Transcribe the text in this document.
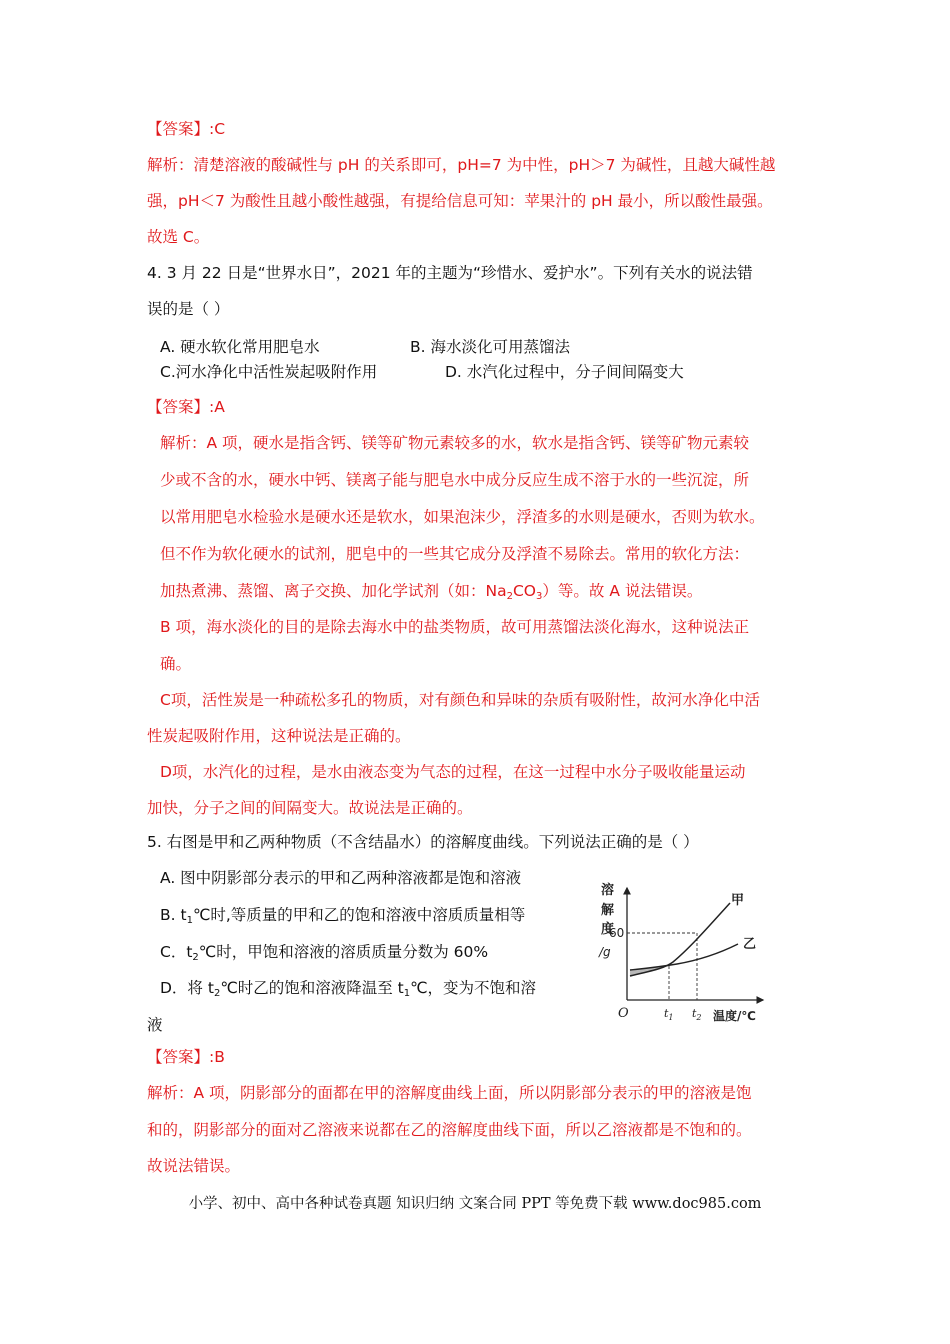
【答案】:C
解析：清楚溶液的酸碱性与 pH 的关系即可，pH=7 为中性，pH＞7 为碱性，且越大碱性越
强，pH＜7 为酸性且越小酸性越强，有提给信息可知：苹果汁的 pH 最小，所以酸性最强。
故选 C。
4. 3 月 22 日是“世界水日”，2021 年的主题为“珍惜水、爱护水”。下列有关水的说法错
误的是（ ）
A. 硬水软化常用肥皂水	B. 海水淡化可用蒸馏法
C.河水净化中活性炭起吸附作用	D. 水汽化过程中，分子间间隔变大
【答案】:A
解析：A 项，硬水是指含钙、镁等矿物元素较多的水，软水是指含钙、镁等矿物元素较
少或不含的水，硬水中钙、镁离子能与肥皂水中成分反应生成不溶于水的一些沉淀，所
以常用肥皂水检验水是硬水还是软水，如果泡沫少，浮渣多的水则是硬水，否则为软水。
但不作为软化硬水的试剂，肥皂中的一些其它成分及浮渣不易除去。常用的软化方法：
加热煮沸、蒸馏、离子交换、加化学试剂（如：$Na_2CO_3$）等。故 A 说法错误。
B 项，海水淡化的目的是除去海水中的盐类物质，故可用蒸馏法淡化海水，这种说法正
确。
C项，活性炭是一种疏松多孔的物质，对有颜色和异味的杂质有吸附性，故河水净化中活
性炭起吸附作用，这种说法是正确的。
D项，水汽化的过程，是水由液态变为气态的过程，在这一过程中水分子吸收能量运动
加快，分子之间的间隔变大。故说法是正确的。
5. 右图是甲和乙两种物质（不含结晶水）的溶解度曲线。下列说法正确的是（ ）
A. 图中阴影部分表示的甲和乙两种溶液都是饱和溶液
B. $t_1℃$时,等质量的甲和乙的饱和溶液中溶质质量相等
C．$t_2℃$时，甲饱和溶液的溶质质量分数为 60%
D．将 $t_2℃$时乙的饱和溶液降温至 $t_1℃$，变为不饱和溶
液
【答案】:B
解析：A 项，阴影部分的面都在甲的溶解度曲线上面，所以阴影部分表示的甲的溶液是饱
和的，阴影部分的面对乙溶液来说都在乙的溶解度曲线下面，所以乙溶液都是不饱和的。
故说法错误。
溶
解
度
/g
60
O	$t_1$ $t_2$ 温度/℃
甲
乙
小学、初中、高中各种试卷真题 知识归纳 文案合同 PPT 等免费下载 www.doc985.com
